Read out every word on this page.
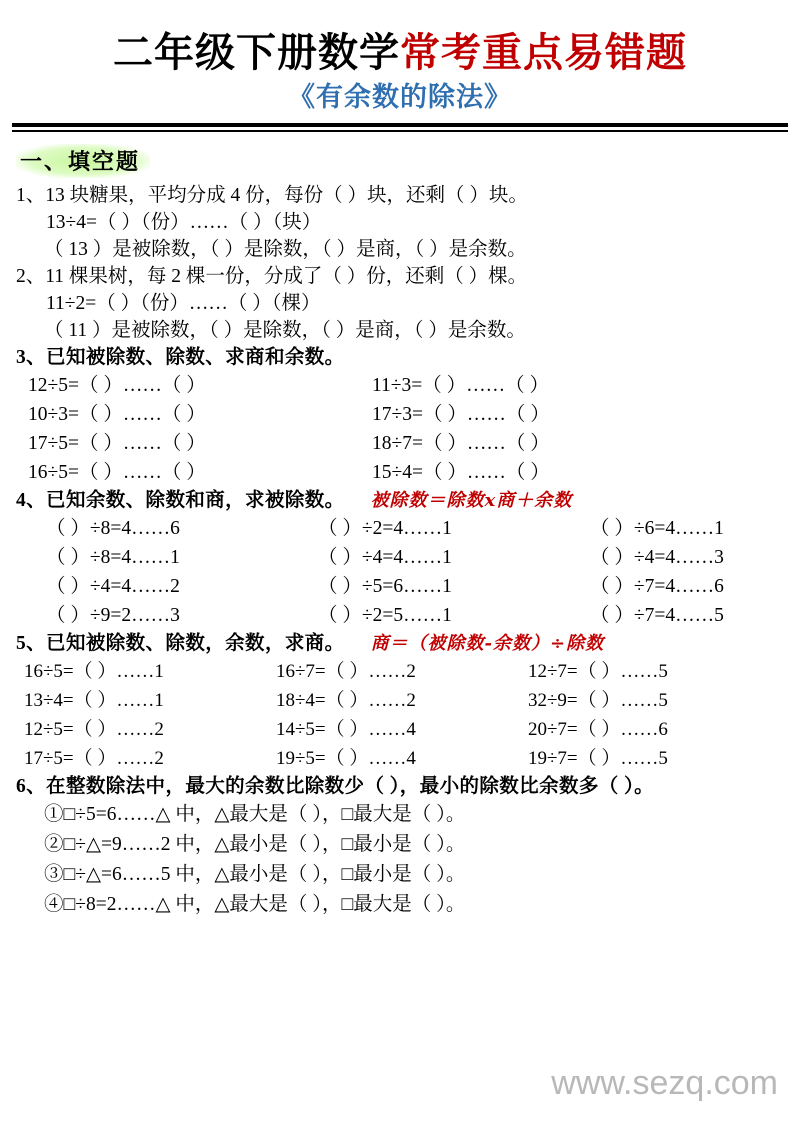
二年级下册数学常考重点易错题
《有余数的除法》
一、填空题
1、13 块糖果，平均分成 4 份，每份（ ）块，还剩（ ）块。
13÷4=（ ）（份）……（ ）（块）
（ 13 ）是被除数，（ ）是除数，（ ）是商，（ ）是余数。
2、11 棵果树，每 2 棵一份，分成了（ ）份，还剩（ ）棵。
11÷2=（ ）（份）……（ ）（棵）
（ 11 ）是被除数，（ ）是除数，（ ）是商，（ ）是余数。
3、已知被除数、除数、求商和余数。
12÷5=（ ）……（ ）	11÷3=（ ）……（ ）
10÷3=（ ）……（ ）	17÷3=（ ）……（ ）
17÷5=（ ）……（ ）	18÷7=（ ）……（ ）
16÷5=（ ）……（ ）	15÷4=（ ）……（ ）
4、已知余数、除数和商，求被除数。 被除数＝除数x商＋余数
（ ）÷8=4……6	（ ）÷2=4……1	（ ）÷6=4……1
（ ）÷8=4……1	（ ）÷4=4……1	（ ）÷4=4……3
（ ）÷4=4……2	（ ）÷5=6……1	（ ）÷7=4……6
（ ）÷9=2……3	（ ）÷2=5……1	（ ）÷7=4……5
5、已知被除数、除数，余数，求商。 商＝（被除数-余数）÷除数
16÷5=（ ）……1	16÷7=（ ）……2	12÷7=（ ）……5
13÷4=（ ）……1	18÷4=（ ）……2	32÷9=（ ）……5
12÷5=（ ）……2	14÷5=（ ）……4	20÷7=（ ）……6
17÷5=（ ）……2	19÷5=（ ）……4	19÷7=（ ）……5
6、在整数除法中，最大的余数比除数少（ ），最小的除数比余数多（ ）。
①□÷5=6……△ 中，△最大是（ ），□最大是（ ）。
②□÷△=9……2 中，△最小是（ ），□最小是（ ）。
③□÷△=6……5 中，△最小是（ ），□最小是（ ）。
④□÷8=2……△ 中，△最大是（ ），□最大是（ ）。
www.sezq.com
